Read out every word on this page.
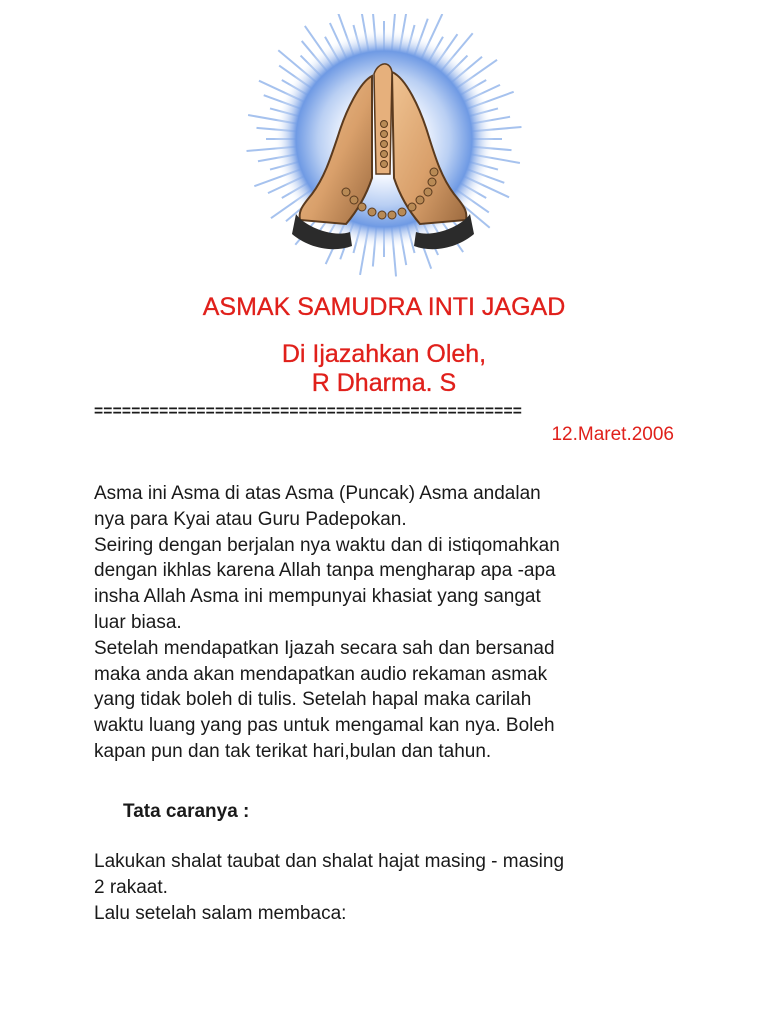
ASMAK SAMUDRA INTI JAGAD
Di Ijazahkan Oleh,
R Dharma. S
==============================================
12.Maret.2006

Asma ini Asma di atas Asma (Puncak) Asma andalan
nya para Kyai atau Guru Padepokan.

Seiring dengan berjalan nya waktu dan di istiqomahkan
dengan ikhlas karena Allah tanpa mengharap apa -apa
insha Allah Asma ini mempunyai khasiat yang sangat
luar biasa.

Setelah mendapatkan Ijazah secara sah dan bersanad
maka anda akan mendapatkan audio rekaman asmak
yang tidak boleh di tulis. Setelah hapal maka carilah
waktu luang yang pas untuk mengamal kan nya. Boleh
kapan pun dan tak terikat hari,bulan dan tahun.

Tata caranya :

Lakukan shalat taubat dan shalat hajat masing - masing
2 rakaat.

Lalu setelah salam membaca:
